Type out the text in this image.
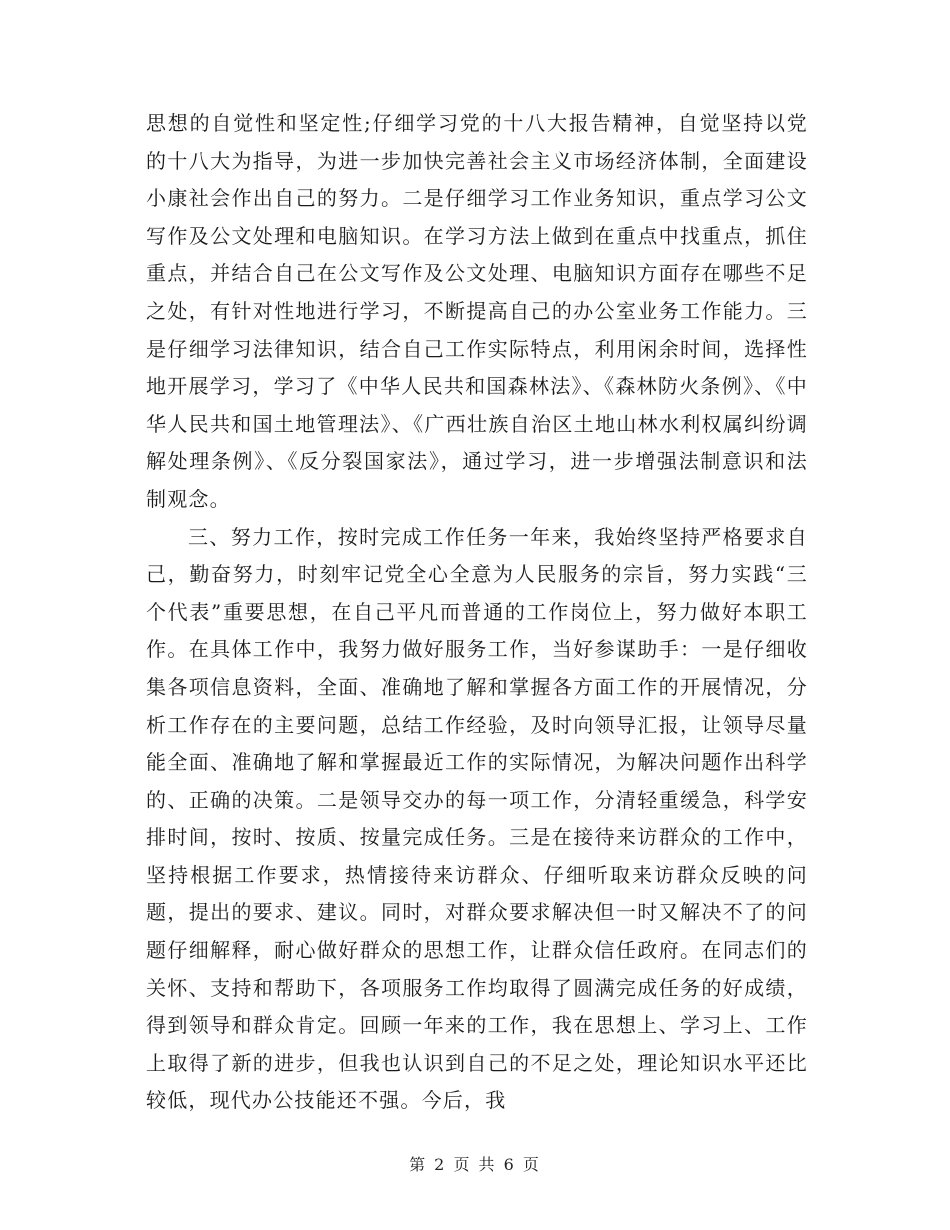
思想的自觉性和坚定性;仔细学习党的十八大报告精神，自觉坚持以党的十八大为指导，为进一步加快完善社会主义市场经济体制，全面建设小康社会作出自己的努力。二是仔细学习工作业务知识，重点学习公文写作及公文处理和电脑知识。在学习方法上做到在重点中找重点，抓住重点，并结合自己在公文写作及公文处理、电脑知识方面存在哪些不足之处，有针对性地进行学习，不断提高自己的办公室业务工作能力。三是仔细学习法律知识，结合自己工作实际特点，利用闲余时间，选择性地开展学习，学习了《中华人民共和国森林法》、《森林防火条例》、《中华人民共和国土地管理法》、《广西壮族自治区土地山林水利权属纠纷调解处理条例》、《反分裂国家法》，通过学习，进一步增强法制意识和法制观念。

三、努力工作，按时完成工作任务一年来，我始终坚持严格要求自己，勤奋努力，时刻牢记党全心全意为人民服务的宗旨，努力实践“三个代表”重要思想，在自己平凡而普通的工作岗位上，努力做好本职工作。在具体工作中，我努力做好服务工作，当好参谋助手：一是仔细收集各项信息资料，全面、准确地了解和掌握各方面工作的开展情况，分析工作存在的主要问题，总结工作经验，及时向领导汇报，让领导尽量能全面、准确地了解和掌握最近工作的实际情况，为解决问题作出科学的、正确的决策。二是领导交办的每一项工作，分清轻重缓急，科学安排时间，按时、按质、按量完成任务。三是在接待来访群众的工作中，坚持根据工作要求，热情接待来访群众、仔细听取来访群众反映的问题，提出的要求、建议。同时，对群众要求解决但一时又解决不了的问题仔细解释，耐心做好群众的思想工作，让群众信任政府。在同志们的关怀、支持和帮助下，各项服务工作均取得了圆满完成任务的好成绩，得到领导和群众肯定。回顾一年来的工作，我在思想上、学习上、工作上取得了新的进步，但我也认识到自己的不足之处，理论知识水平还比较低，现代办公技能还不强。今后，我

第 2 页 共 6 页
